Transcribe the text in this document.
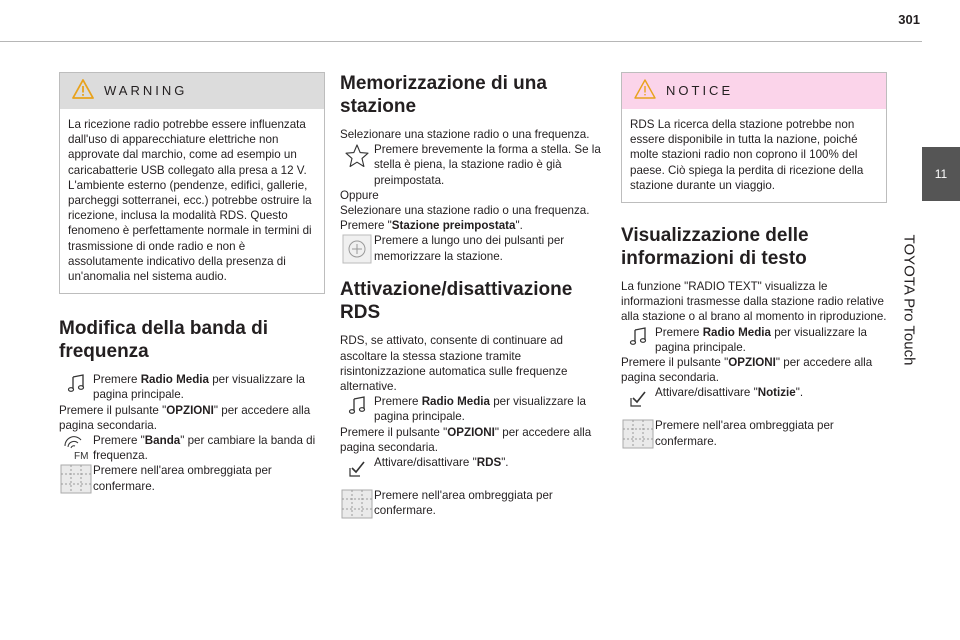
301
11
TOYOTA Pro Touch
WARNING

La ricezione radio potrebbe essere influenzata dall'uso di apparecchiature elettriche non approvate dal marchio, come ad esempio un caricabatterie USB collegato alla presa a 12 V.

L'ambiente esterno (pendenze, edifici, gallerie, parcheggi sotterranei, ecc.) potrebbe ostruire la ricezione, inclusa la modalità RDS. Questo fenomeno è perfettamente normale in termini di trasmissione di onde radio e non è assolutamente indicativo della presenza di un'anomalia nel sistema audio.

Modifica della banda di frequenza
Premere Radio Media per visualizzare la pagina principale.

Premere il pulsante "OPZIONI" per accedere alla pagina secondaria.

FM
Premere "Banda" per cambiare la banda di frequenza.
Premere nell'area ombreggiata per confermare.
Memorizzazione di una stazione

Selezionare una stazione radio o una frequenza.

Premere brevemente la forma a stella. Se la stella è piena, la stazione radio è già preimpostata.

Oppure

Selezionare una stazione radio o una frequenza.

Premere "Stazione preimpostata".

Premere a lungo uno dei pulsanti per memorizzare la stazione.
Attivazione/disattivazione RDS

RDS, se attivato, consente di continuare ad ascoltare la stessa stazione tramite risintonizzazione automatica sulle frequenze alternative.

Premere Radio Media per visualizzare la pagina principale.

Premere il pulsante "OPZIONI" per accedere alla pagina secondaria.

Attivare/disattivare "RDS".
Premere nell'area ombreggiata per confermare.
NOTICE

RDS La ricerca della stazione potrebbe non essere disponibile in tutta la nazione, poiché molte stazioni radio non coprono il 100% del paese. Ciò spiega la perdita di ricezione della stazione durante un viaggio.

Visualizzazione delle informazioni di testo

La funzione "RADIO TEXT" visualizza le informazioni trasmesse dalla stazione radio relative alla stazione o al brano al momento in riproduzione.

Premere Radio Media per visualizzare la pagina principale.

Premere il pulsante "OPZIONI" per accedere alla pagina secondaria.

Attivare/disattivare "Notizie".
Premere nell'area ombreggiata per confermare.
